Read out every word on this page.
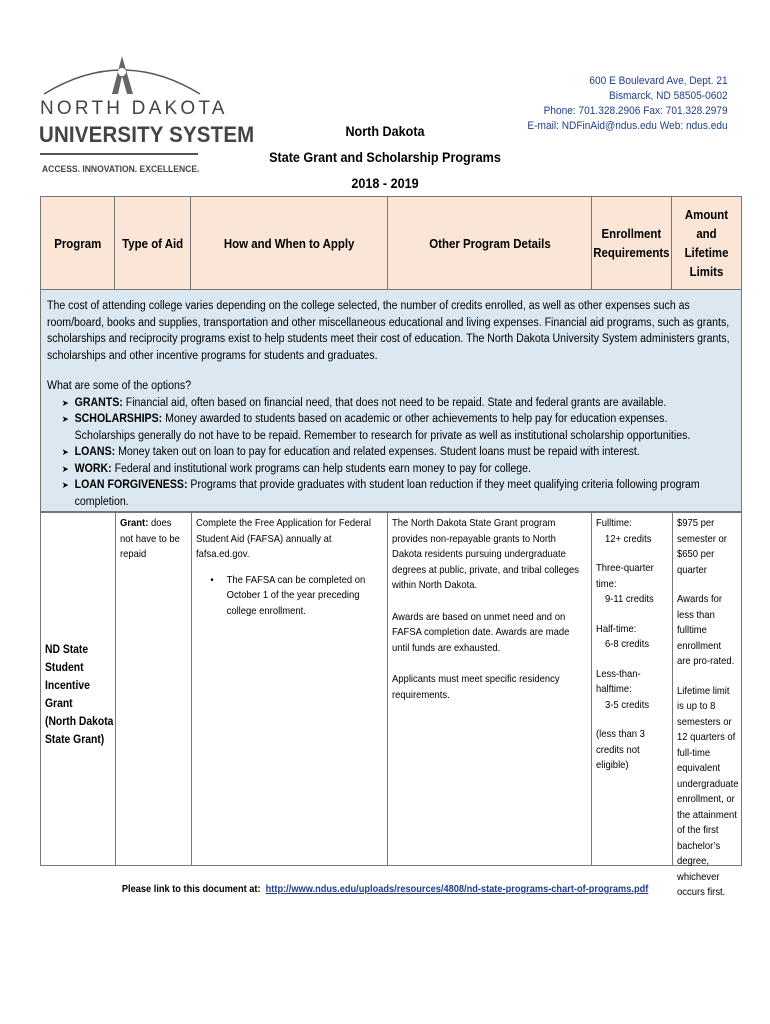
NORTH DAKOTA
UNIVERSITY SYSTEM
ACCESS. INNOVATION. EXCELLENCE.
600 E Boulevard Ave, Dept. 21
Bismarck, ND 58505-0602
Phone: 701.328.2906 Fax: 701.328.2979
E-mail: NDFinAid@ndus.edu Web: ndus.edu
North Dakota
State Grant and Scholarship Programs
2018 - 2019
Program Type of Aid	How and When to Apply	Other Program Details
Enrollment Requirements
Amount and Lifetime Limits

The cost of attending college varies depending on the college selected, the number of credits enrolled, as well as other expenses such as room/board, books and supplies, transportation and other miscellaneous educational and living expenses. Financial aid programs, such as grants, scholarships and reciprocity programs exist to help students meet their cost of education. The North Dakota University System administers grants, scholarships and other incentive programs for students and graduates.

What are some of the options?

➤ GRANTS: Financial aid, often based on financial need, that does not need to be repaid. State and federal grants are available.
➤ SCHOLARSHIPS: Money awarded to students based on academic or other achievements to help pay for education expenses. Scholarships generally do not have to be repaid. Remember to research for private as well as institutional scholarship opportunities.
➤ LOANS: Money taken out on loan to pay for education and related expenses. Student loans must be repaid with interest.
➤ WORK: Federal and institutional work programs can help students earn money to pay for college.
➤ LOAN FORGIVENESS: Programs that provide graduates with student loan reduction if they meet qualifying criteria following program completion.
ND State
Student
Incentive
Grant
(North Dakota
State Grant)
Grant: does not have to be repaid

Complete the Free Application for Federal Student Aid (FAFSA) annually at fafsa.ed.gov.

• The FAFSA can be completed on October 1 of the year preceding college enrollment.

The North Dakota State Grant program provides non-repayable grants to North Dakota residents pursuing undergraduate degrees at public, private, and tribal colleges within North Dakota.

Awards are based on unmet need and on FAFSA completion date. Awards are made until funds are exhausted.

Applicants must meet specific residency requirements.

Fulltime:

12+ credits

Three-quarter time:

9-11 credits

Half-time:

6-8 credits

Less-than-halftime:

3-5 credits

(less than 3 credits not eligible)

$975 per semester or $650 per quarter

Awards for less than fulltime enrollment are pro-rated.

Lifetime limit is up to 8 semesters or 12 quarters of full-time equivalent undergraduate enrollment, or the attainment of the first bachelor’s degree, whichever occurs first.

Please link to this document at: http://www.ndus.edu/uploads/resources/4808/nd-state-programs-chart-of-programs.pdf
